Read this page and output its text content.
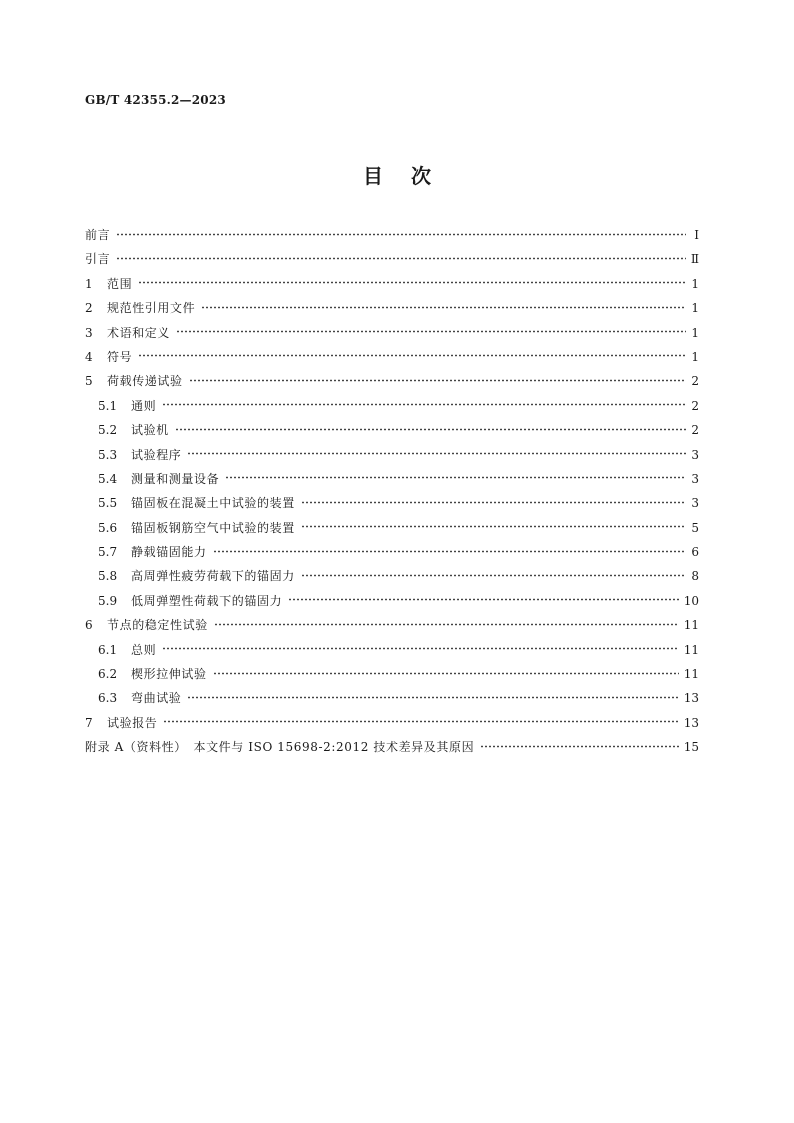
GB/T 42355.2—2023
目次
前言	Ⅰ
引言	Ⅱ
1	范围	1
2	规范性引用文件	1
3	术语和定义	1
4	符号	1
5	荷载传递试验	2
5.1	通则	2
5.2	试验机	2
5.3	试验程序	3
5.4	测量和测量设备	3
5.5	锚固板在混凝土中试验的装置	3
5.6	锚固板钢筋空气中试验的装置	5
5.7	静载锚固能力	6
5.8	高周弹性疲劳荷载下的锚固力	8
5.9	低周弹塑性荷载下的锚固力	10
6	节点的稳定性试验	11
6.1	总则	11
6.2	楔形拉伸试验	11
6.3	弯曲试验	13
7	试验报告	13
附录 A（资料性）　本文件与 ISO 15698-2:2012 技术差异及其原因	15
